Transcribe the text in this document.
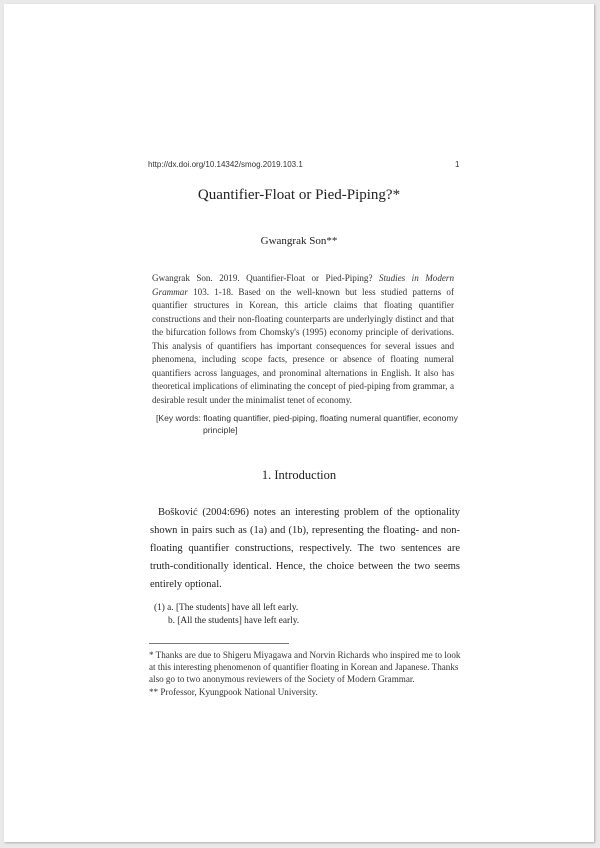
http://dx.doi.org/10.14342/smog.2019.103.1	1
Quantifier-Float or Pied-Piping?*
Gwangrak Son**
Gwangrak Son. 2019. Quantifier-Float or Pied-Piping? Studies in Modern Grammar 103. 1-18. Based on the well-known but less studied patterns of quantifier structures in Korean, this article claims that floating quantifier constructions and their non-floating counterparts are underlyingly distinct and that the bifurcation follows from Chomsky's (1995) economy principle of derivations. This analysis of quantifiers has important consequences for several issues and phenomena, including scope facts, presence or absence of floating numeral quantifiers across languages, and pronominal alternations in English. It also has theoretical implications of eliminating the concept of pied-piping from grammar, a desirable result under the minimalist tenet of economy.
[Key words: floating quantifier, pied-piping, floating numeral quantifier, economy
principle]
1. Introduction
Bošković (2004:696) notes an interesting problem of the optionality shown in pairs such as (1a) and (1b), representing the floating- and non-floating quantifier constructions, respectively. The two sentences are truth-conditionally identical. Hence, the choice between the two seems entirely optional.
(1) a. [The students] have all left early.
b. [All the students] have left early.

* Thanks are due to Shigeru Miyagawa and Norvin Richards who inspired me to look at this interesting phenomenon of quantifier floating in Korean and Japanese. Thanks also go to two anonymous reviewers of the Society of Modern Grammar.

** Professor, Kyungpook National University.
